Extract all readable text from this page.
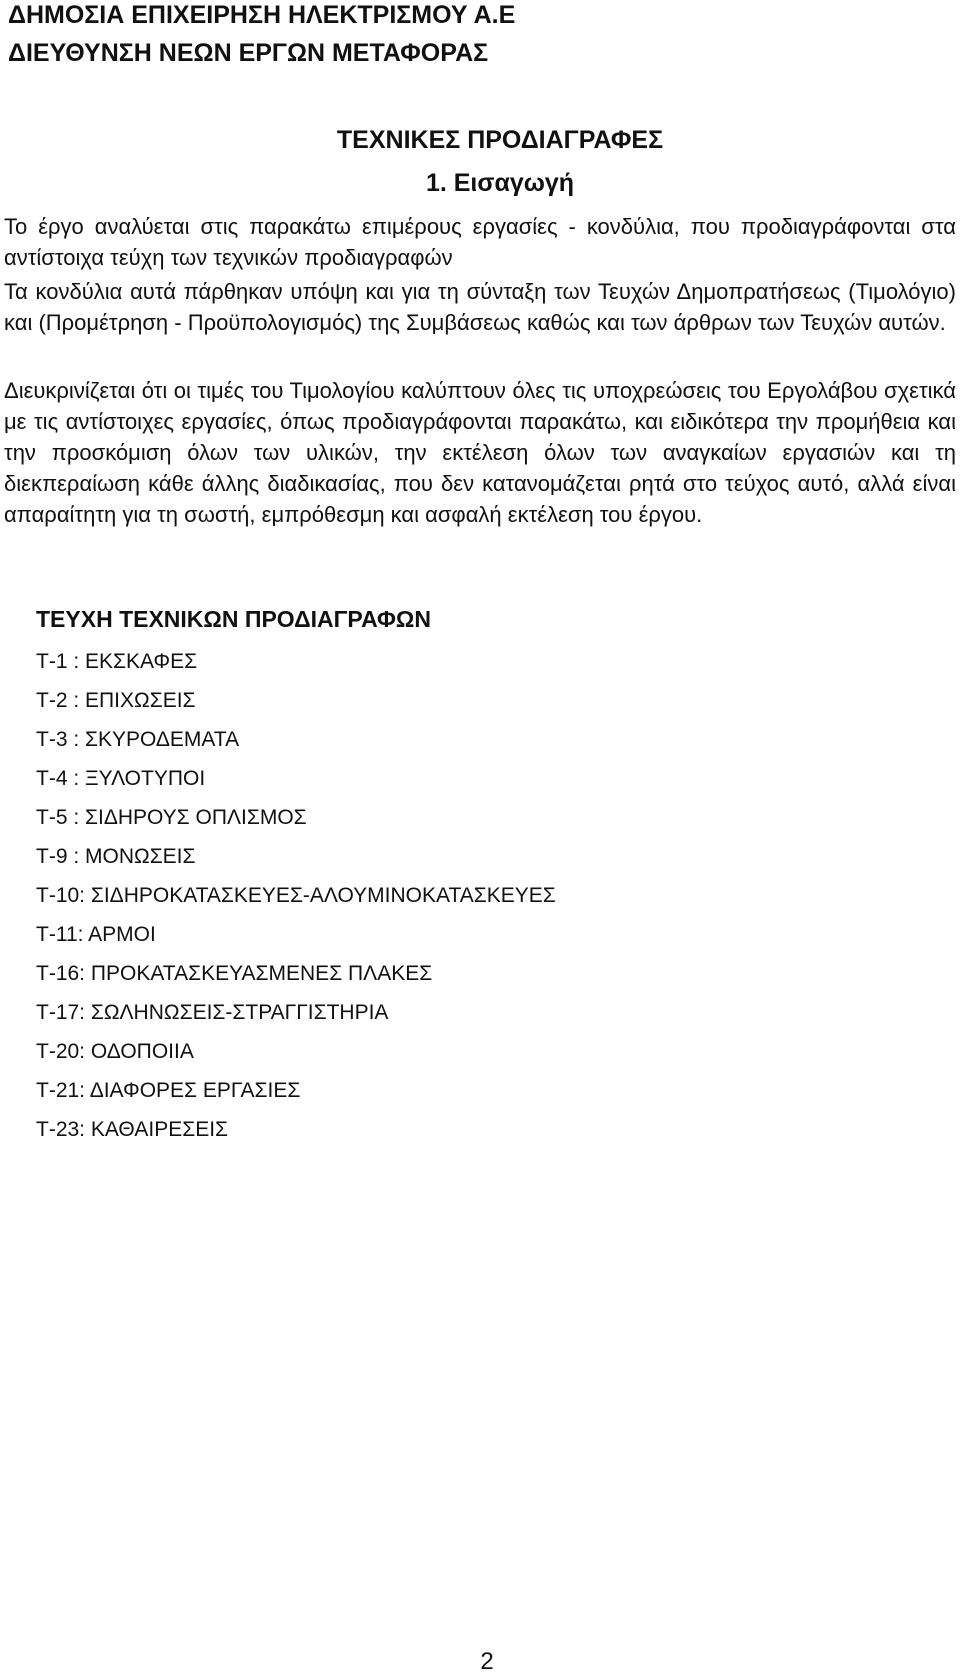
ΔΗΜΟΣΙΑ ΕΠΙΧΕΙΡΗΣΗ ΗΛΕΚΤΡΙΣΜΟΥ Α.Ε
ΔΙΕΥΘΥΝΣΗ ΝΕΩΝ ΕΡΓΩΝ ΜΕΤΑΦΟΡΑΣ
ΤΕΧΝΙΚΕΣ ΠΡΟΔΙΑΓΡΑΦΕΣ
1. Εισαγωγή
Το έργο αναλύεται στις παρακάτω επιμέρους εργασίες - κονδύλια, που προδιαγράφονται στα αντίστοιχα τεύχη των τεχνικών προδιαγραφών
Τα κονδύλια αυτά πάρθηκαν υπόψη και για τη σύνταξη των Τευχών Δημοπρατήσεως (Τιμολόγιο) και (Προμέτρηση - Προϋπολογισμός) της Συμβάσεως καθώς και των άρθρων των Τευχών αυτών.
Διευκρινίζεται ότι οι τιμές του Τιμολογίου καλύπτουν όλες τις υποχρεώσεις του Εργολάβου σχετικά με τις αντίστοιχες εργασίες, όπως προδιαγράφονται παρακάτω, και ειδικότερα την προμήθεια και την προσκόμιση όλων των υλικών, την εκτέλεση όλων των αναγκαίων εργασιών και τη διεκπεραίωση κάθε άλλης διαδικασίας, που δεν κατανομάζεται ρητά στο τεύχος αυτό, αλλά είναι απαραίτητη για τη σωστή, εμπρόθεσμη και ασφαλή εκτέλεση του έργου.
ΤΕΥΧΗ ΤΕΧΝΙΚΩΝ ΠΡΟΔΙΑΓΡΑΦΩΝ
Τ-1 : ΕΚΣΚΑΦΕΣ
Τ-2 : ΕΠΙΧΩΣΕΙΣ
Τ-3 : ΣΚΥΡΟΔΕΜΑΤΑ
Τ-4 : ΞΥΛΟΤΥΠΟΙ
Τ-5 : ΣΙΔΗΡΟΥΣ ΟΠΛΙΣΜΟΣ
Τ-9 : ΜΟΝΩΣΕΙΣ
Τ-10: ΣΙΔΗΡΟΚΑΤΑΣΚΕΥΕΣ-ΑΛΟΥΜΙΝΟΚΑΤΑΣΚΕΥΕΣ
Τ-11: ΑΡΜΟΙ
Τ-16: ΠΡΟΚΑΤΑΣΚΕΥΑΣΜΕΝΕΣ ΠΛΑΚΕΣ
Τ-17: ΣΩΛΗΝΩΣΕΙΣ-ΣΤΡΑΓΓΙΣΤΗΡΙΑ
Τ-20: ΟΔΟΠΟΙΙΑ
Τ-21: ΔΙΑΦΟΡΕΣ ΕΡΓΑΣΙΕΣ
Τ-23: ΚΑΘΑΙΡΕΣΕΙΣ
2
